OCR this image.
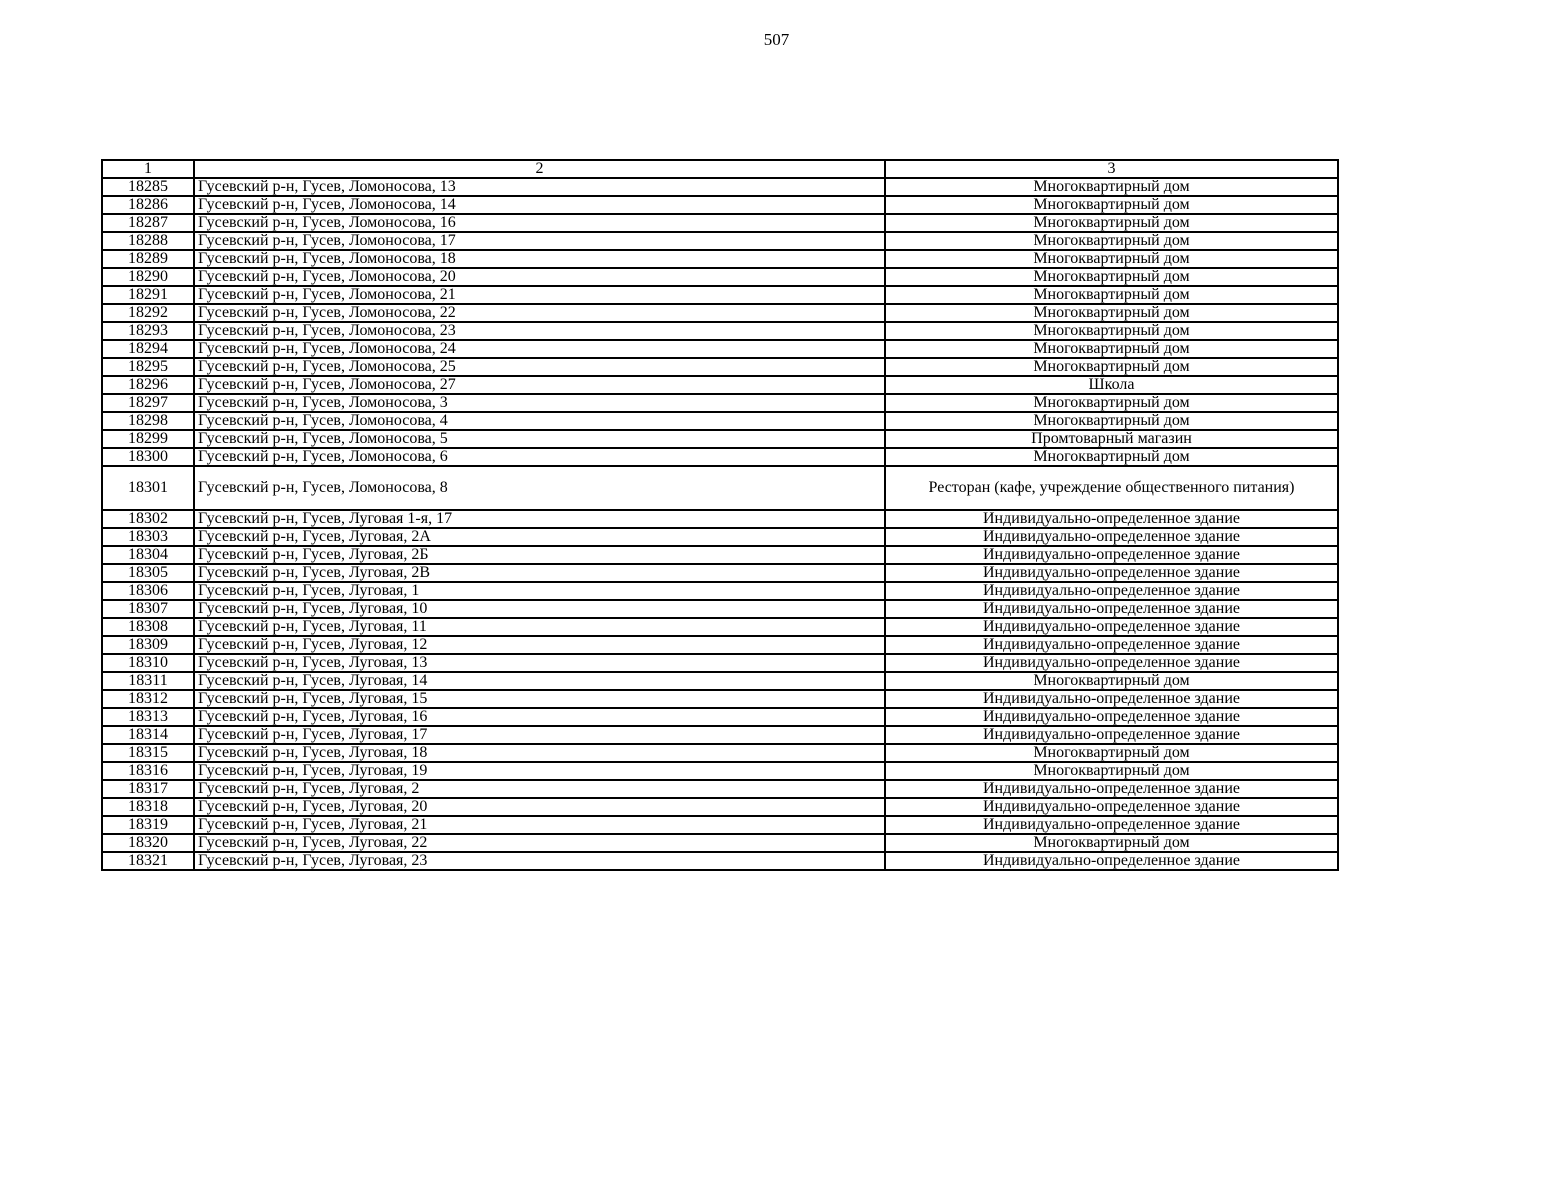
507
1	2	3
18285	Гусевский р-н, Гусев, Ломоносова, 13	Многоквартирный дом
18286	Гусевский р-н, Гусев, Ломоносова, 14	Многоквартирный дом
18287	Гусевский р-н, Гусев, Ломоносова, 16	Многоквартирный дом
18288	Гусевский р-н, Гусев, Ломоносова, 17	Многоквартирный дом
18289	Гусевский р-н, Гусев, Ломоносова, 18	Многоквартирный дом
18290	Гусевский р-н, Гусев, Ломоносова, 20	Многоквартирный дом
18291	Гусевский р-н, Гусев, Ломоносова, 21	Многоквартирный дом
18292	Гусевский р-н, Гусев, Ломоносова, 22	Многоквартирный дом
18293	Гусевский р-н, Гусев, Ломоносова, 23	Многоквартирный дом
18294	Гусевский р-н, Гусев, Ломоносова, 24	Многоквартирный дом
18295	Гусевский р-н, Гусев, Ломоносова, 25	Многоквартирный дом
18296	Гусевский р-н, Гусев, Ломоносова, 27	Школа
18297	Гусевский р-н, Гусев, Ломоносова, 3	Многоквартирный дом
18298	Гусевский р-н, Гусев, Ломоносова, 4	Многоквартирный дом
18299	Гусевский р-н, Гусев, Ломоносова, 5	Промтоварный магазин
18300	Гусевский р-н, Гусев, Ломоносова, 6	Многоквартирный дом
18301	Гусевский р-н, Гусев, Ломоносова, 8	Ресторан (кафе, учреждение общественного питания)
18302	Гусевский р-н, Гусев, Луговая 1-я, 17	Индивидуально-определенное здание
18303	Гусевский р-н, Гусев, Луговая, 2А	Индивидуально-определенное здание
18304	Гусевский р-н, Гусев, Луговая, 2Б	Индивидуально-определенное здание
18305	Гусевский р-н, Гусев, Луговая, 2В	Индивидуально-определенное здание
18306	Гусевский р-н, Гусев, Луговая, 1	Индивидуально-определенное здание
18307	Гусевский р-н, Гусев, Луговая, 10	Индивидуально-определенное здание
18308	Гусевский р-н, Гусев, Луговая, 11	Индивидуально-определенное здание
18309	Гусевский р-н, Гусев, Луговая, 12	Индивидуально-определенное здание
18310	Гусевский р-н, Гусев, Луговая, 13	Индивидуально-определенное здание
18311	Гусевский р-н, Гусев, Луговая, 14	Многоквартирный дом
18312	Гусевский р-н, Гусев, Луговая, 15	Индивидуально-определенное здание
18313	Гусевский р-н, Гусев, Луговая, 16	Индивидуально-определенное здание
18314	Гусевский р-н, Гусев, Луговая, 17	Индивидуально-определенное здание
18315	Гусевский р-н, Гусев, Луговая, 18	Многоквартирный дом
18316	Гусевский р-н, Гусев, Луговая, 19	Многоквартирный дом
18317	Гусевский р-н, Гусев, Луговая, 2	Индивидуально-определенное здание
18318	Гусевский р-н, Гусев, Луговая, 20	Индивидуально-определенное здание
18319	Гусевский р-н, Гусев, Луговая, 21	Индивидуально-определенное здание
18320	Гусевский р-н, Гусев, Луговая, 22	Многоквартирный дом
18321	Гусевский р-н, Гусев, Луговая, 23	Индивидуально-определенное здание
